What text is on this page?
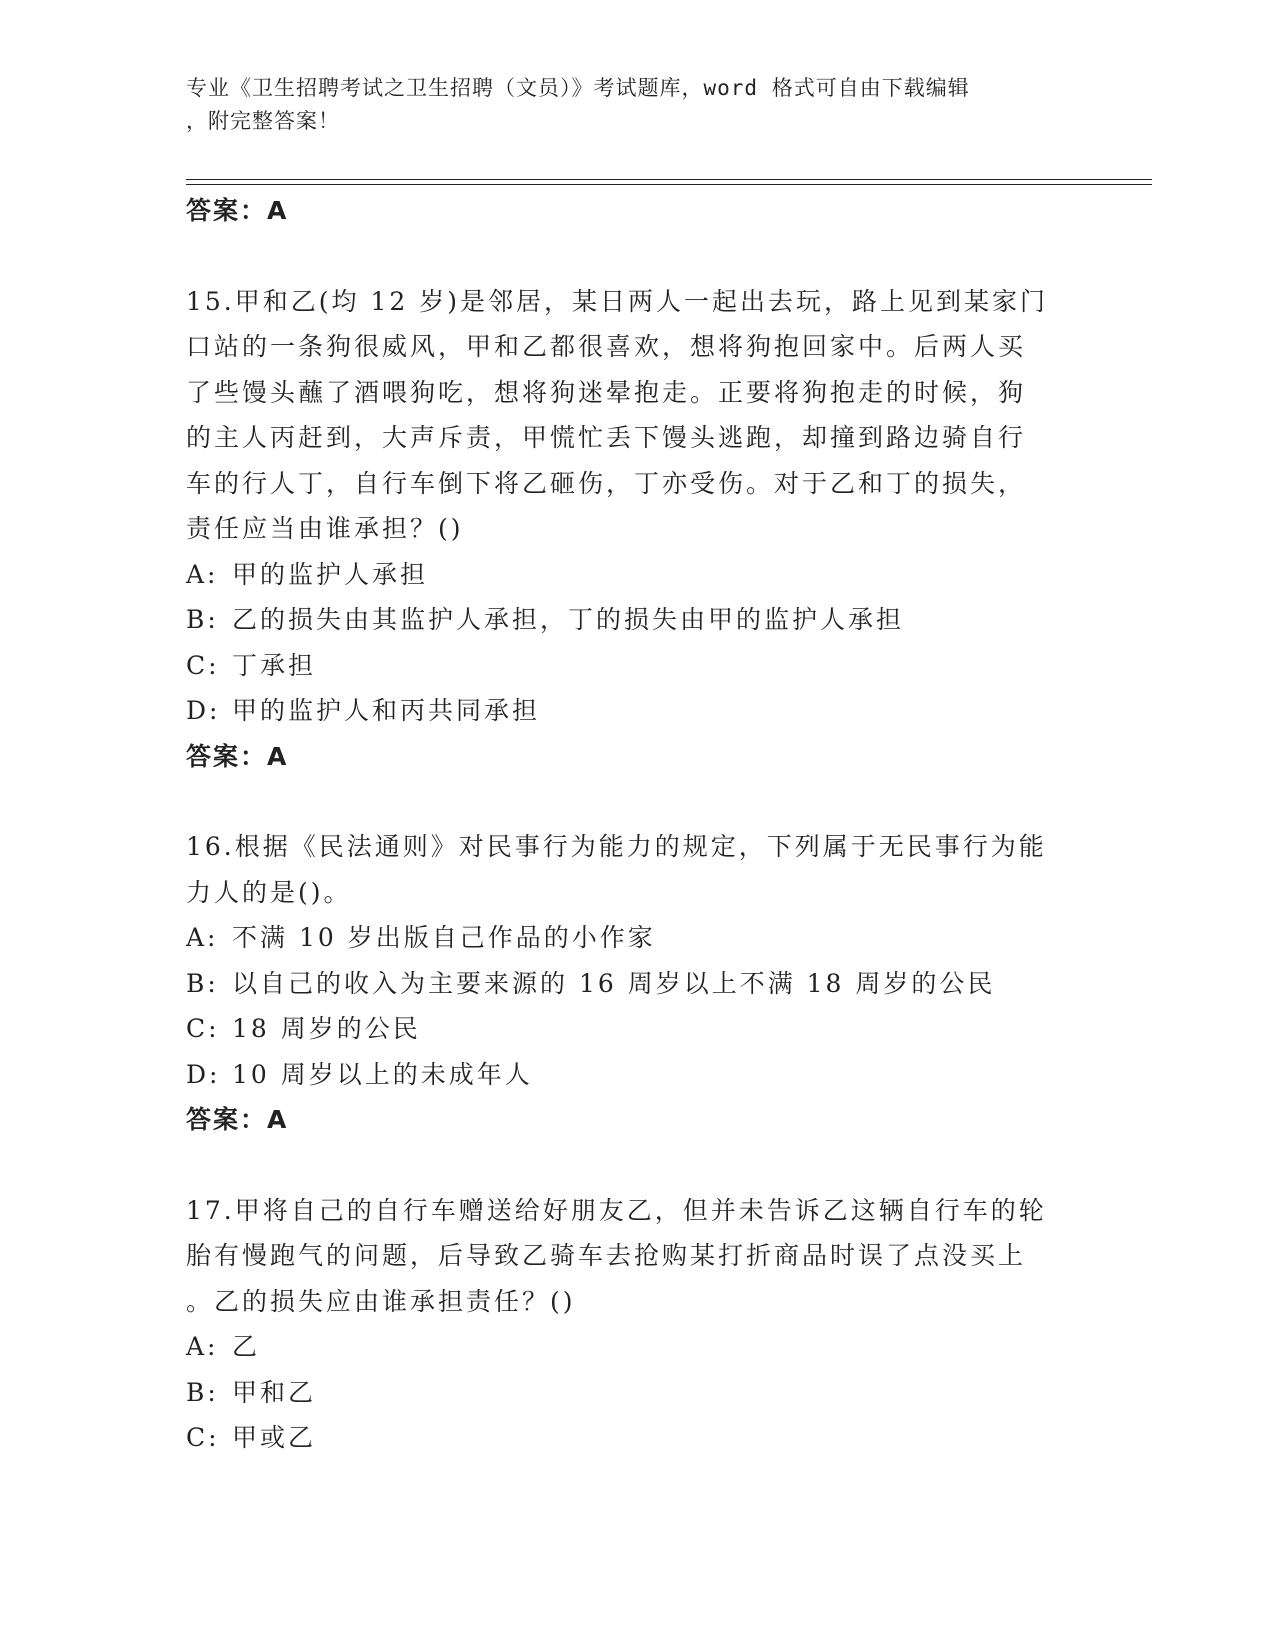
专业《卫生招聘考试之卫生招聘（文员）》考试题库，word 格式可自由下载编辑
，附完整答案！

答案：A

15.甲和乙(均 12 岁)是邻居，某日两人一起出去玩，路上见到某家门

口站的一条狗很威风，甲和乙都很喜欢，想将狗抱回家中。后两人买

了些馒头蘸了酒喂狗吃，想将狗迷晕抱走。正要将狗抱走的时候，狗

的主人丙赶到，大声斥责，甲慌忙丢下馒头逃跑，却撞到路边骑自行

车的行人丁，自行车倒下将乙砸伤，丁亦受伤。对于乙和丁的损失，

责任应当由谁承担？()

A: 甲的监护人承担
B: 乙的损失由其监护人承担，丁的损失由甲的监护人承担
C: 丁承担
D: 甲的监护人和丙共同承担

答案：A

16.根据《民法通则》对民事行为能力的规定，下列属于无民事行为能

力人的是()。

A: 不满 10 岁出版自己作品的小作家
B: 以自己的收入为主要来源的 16 周岁以上不满 18 周岁的公民
C: 18 周岁的公民
D: 10 周岁以上的未成年人

答案：A

17.甲将自己的自行车赠送给好朋友乙，但并未告诉乙这辆自行车的轮

胎有慢跑气的问题，后导致乙骑车去抢购某打折商品时误了点没买上

。乙的损失应由谁承担责任？()

A: 乙
B: 甲和乙
C: 甲或乙
